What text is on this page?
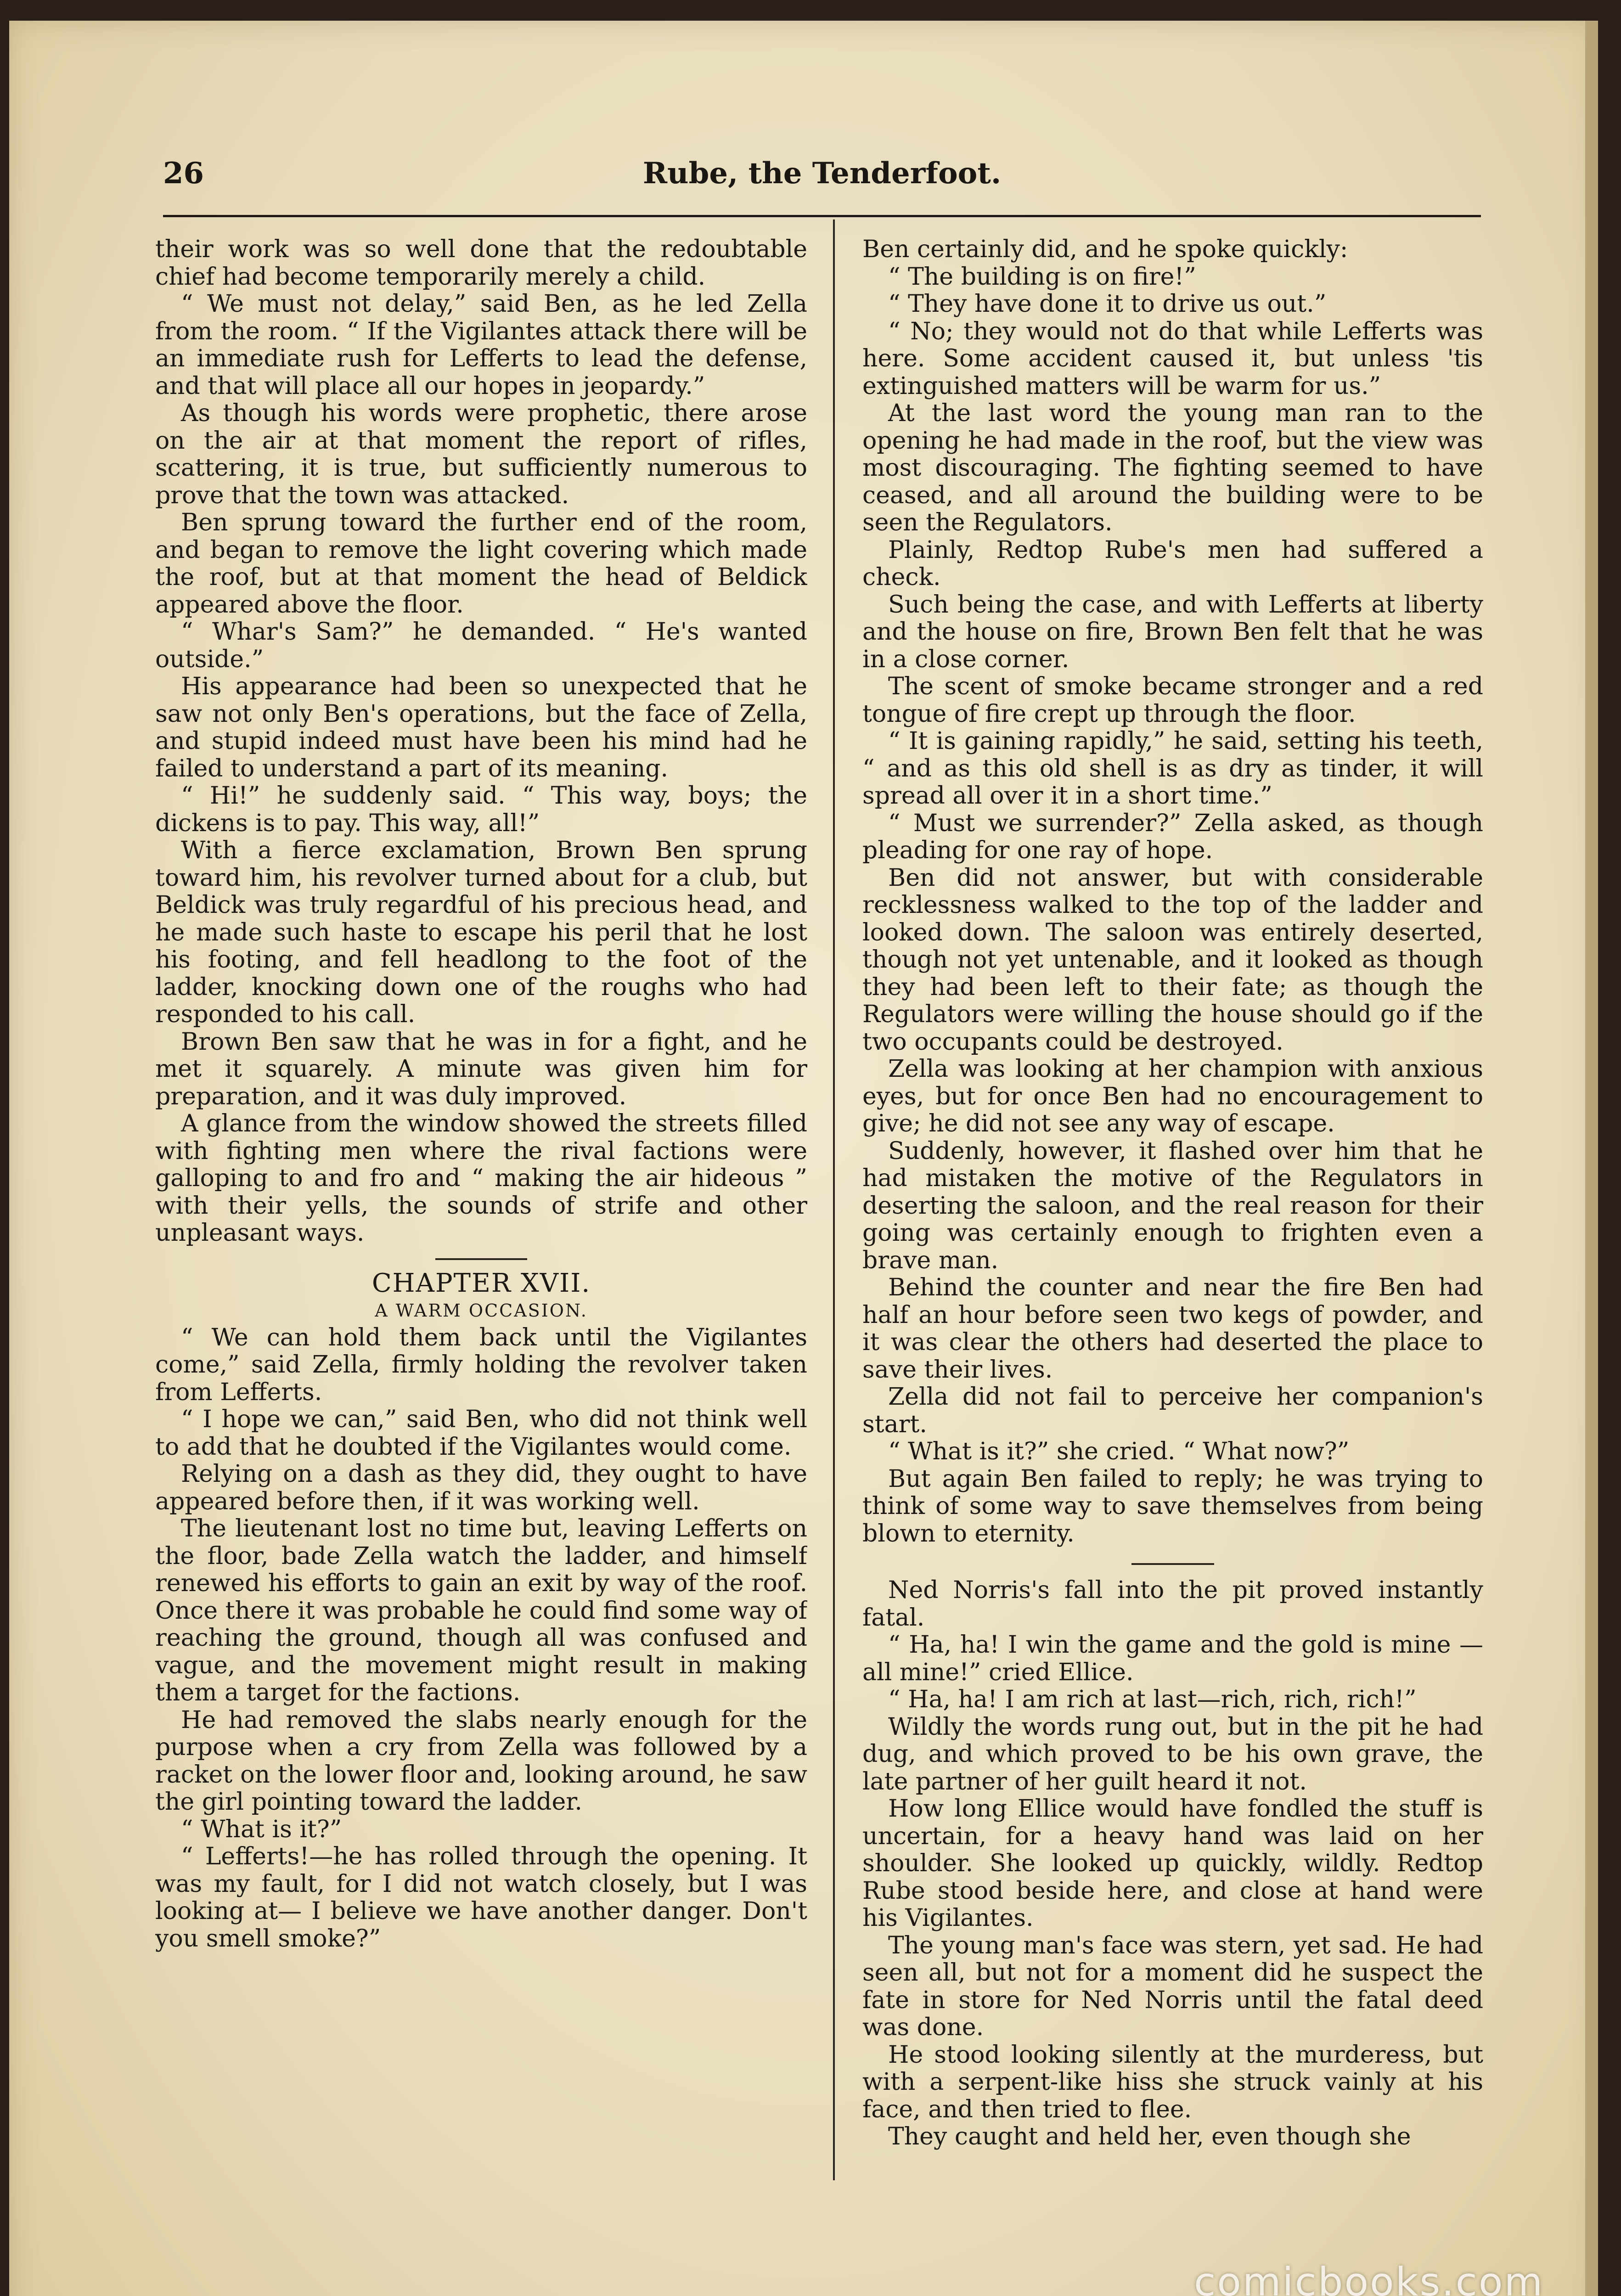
26	Rube, the Tenderfoot.

their work was so well done that the redoubtable chief had become temporarily merely a child.

“ We must not delay,” said Ben, as he led Zella from the room. “ If the Vigilantes attack there will be an immediate rush for Lefferts to lead the defense, and that will place all our hopes in jeopardy.”

As though his words were prophetic, there arose on the air at that moment the report of rifles, scattering, it is true, but sufficiently numerous to prove that the town was attacked.

Ben sprung toward the further end of the room, and began to remove the light covering which made the roof, but at that moment the head of Beldick appeared above the floor.

“ Whar's Sam?” he demanded. “ He's wanted outside.”

His appearance had been so unexpected that he saw not only Ben's operations, but the face of Zella, and stupid indeed must have been his mind had he failed to understand a part of its meaning.

“ Hi!” he suddenly said. “ This way, boys; the dickens is to pay. This way, all!”

With a fierce exclamation, Brown Ben sprung toward him, his revolver turned about for a club, but Beldick was truly regardful of his precious head, and he made such haste to escape his peril that he lost his footing, and fell headlong to the foot of the ladder, knocking down one of the roughs who had responded to his call.

Brown Ben saw that he was in for a fight, and he met it squarely. A minute was given him for preparation, and it was duly improved.

A glance from the window showed the streets filled with fighting men where the rival factions were galloping to and fro and “ making the air hideous ” with their yells, the sounds of strife and other unpleasant ways.

CHAPTER XVII.
A WARM OCCASION.

“ We can hold them back until the Vigilantes come,” said Zella, firmly holding the revolver taken from Lefferts.

“ I hope we can,” said Ben, who did not think well to add that he doubted if the Vigilantes would come.

Relying on a dash as they did, they ought to have appeared before then, if it was working well.

The lieutenant lost no time but, leaving Lefferts on the floor, bade Zella watch the ladder, and himself renewed his efforts to gain an exit by way of the roof. Once there it was probable he could find some way of reaching the ground, though all was confused and vague, and the movement might result in making them a target for the factions.

He had removed the slabs nearly enough for the purpose when a cry from Zella was followed by a racket on the lower floor and, looking around, he saw the girl pointing toward the ladder.

“ What is it?”

“ Lefferts!—he has rolled through the opening. It was my fault, for I did not watch closely, but I was looking at— I believe we have another danger. Don't you smell smoke?”

Ben certainly did, and he spoke quickly:

“ The building is on fire!”

“ They have done it to drive us out.”

“ No; they would not do that while Lefferts was here. Some accident caused it, but unless 'tis extinguished matters will be warm for us.”

At the last word the young man ran to the opening he had made in the roof, but the view was most discouraging. The fighting seemed to have ceased, and all around the building were to be seen the Regulators.

Plainly, Redtop Rube's men had suffered a check.

Such being the case, and with Lefferts at liberty and the house on fire, Brown Ben felt that he was in a close corner.

The scent of smoke became stronger and a red tongue of fire crept up through the floor.

“ It is gaining rapidly,” he said, setting his teeth, “ and as this old shell is as dry as tinder, it will spread all over it in a short time.”

“ Must we surrender?” Zella asked, as though pleading for one ray of hope.

Ben did not answer, but with considerable recklessness walked to the top of the ladder and looked down. The saloon was entirely deserted, though not yet untenable, and it looked as though they had been left to their fate; as though the Regulators were willing the house should go if the two occupants could be destroyed.

Zella was looking at her champion with anxious eyes, but for once Ben had no encouragement to give; he did not see any way of escape.

Suddenly, however, it flashed over him that he had mistaken the motive of the Regulators in deserting the saloon, and the real reason for their going was certainly enough to frighten even a brave man.

Behind the counter and near the fire Ben had half an hour before seen two kegs of powder, and it was clear the others had deserted the place to save their lives.

Zella did not fail to perceive her companion's start.

“ What is it?” she cried. “ What now?”

But again Ben failed to reply; he was trying to think of some way to save themselves from being blown to eternity.

Ned Norris's fall into the pit proved instantly fatal.

“ Ha, ha! I win the game and the gold is mine —all mine!” cried Ellice.

“ Ha, ha! I am rich at last—rich, rich, rich!”

Wildly the words rung out, but in the pit he had dug, and which proved to be his own grave, the late partner of her guilt heard it not.

How long Ellice would have fondled the stuff is uncertain, for a heavy hand was laid on her shoulder. She looked up quickly, wildly. Redtop Rube stood beside here, and close at hand were his Vigilantes.

The young man's face was stern, yet sad. He had seen all, but not for a moment did he suspect the fate in store for Ned Norris until the fatal deed was done.

He stood looking silently at the murderess, but with a serpent-like hiss she struck vainly at his face, and then tried to flee.

They caught and held her, even though she

comicbooks.com
